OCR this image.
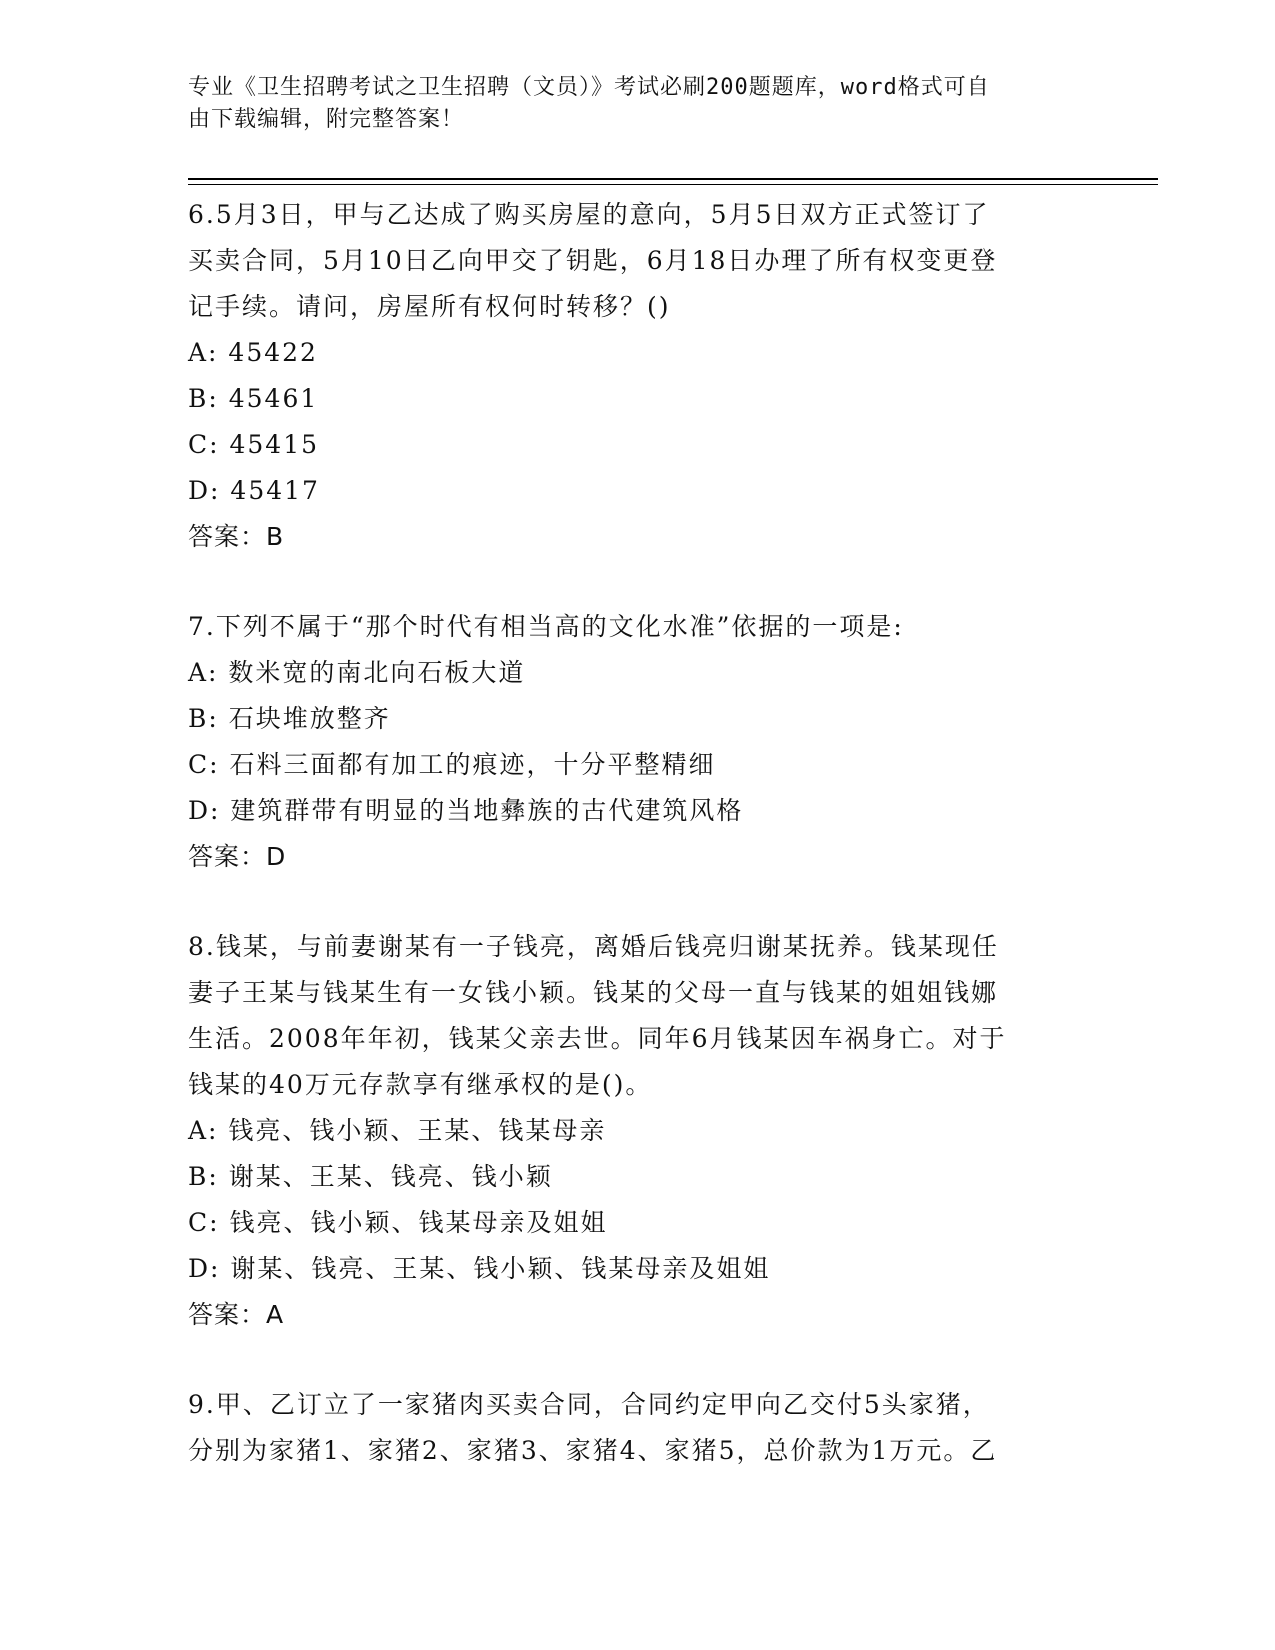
专业《卫生招聘考试之卫生招聘（文员）》考试必刷200题题库，word格式可自
由下载编辑，附完整答案！

6.5月3日，甲与乙达成了购买房屋的意向，5月5日双方正式签订了

买卖合同，5月10日乙向甲交了钥匙，6月18日办理了所有权变更登

记手续。请问，房屋所有权何时转移？()

A: 45422

B: 45461

C: 45415

D: 45417

答案：B

7.下列不属于“那个时代有相当高的文化水准”依据的一项是:

A: 数米宽的南北向石板大道

B: 石块堆放整齐

C: 石料三面都有加工的痕迹，十分平整精细

D: 建筑群带有明显的当地彝族的古代建筑风格

答案：D

8.钱某，与前妻谢某有一子钱亮，离婚后钱亮归谢某抚养。钱某现任

妻子王某与钱某生有一女钱小颖。钱某的父母一直与钱某的姐姐钱娜

生活。2008年年初，钱某父亲去世。同年6月钱某因车祸身亡。对于

钱某的40万元存款享有继承权的是()。

A: 钱亮、钱小颖、王某、钱某母亲

B: 谢某、王某、钱亮、钱小颖

C: 钱亮、钱小颖、钱某母亲及姐姐

D: 谢某、钱亮、王某、钱小颖、钱某母亲及姐姐

答案：A

9.甲、乙订立了一家猪肉买卖合同，合同约定甲向乙交付5头家猪，

分别为家猪1、家猪2、家猪3、家猪4、家猪5，总价款为1万元。乙
